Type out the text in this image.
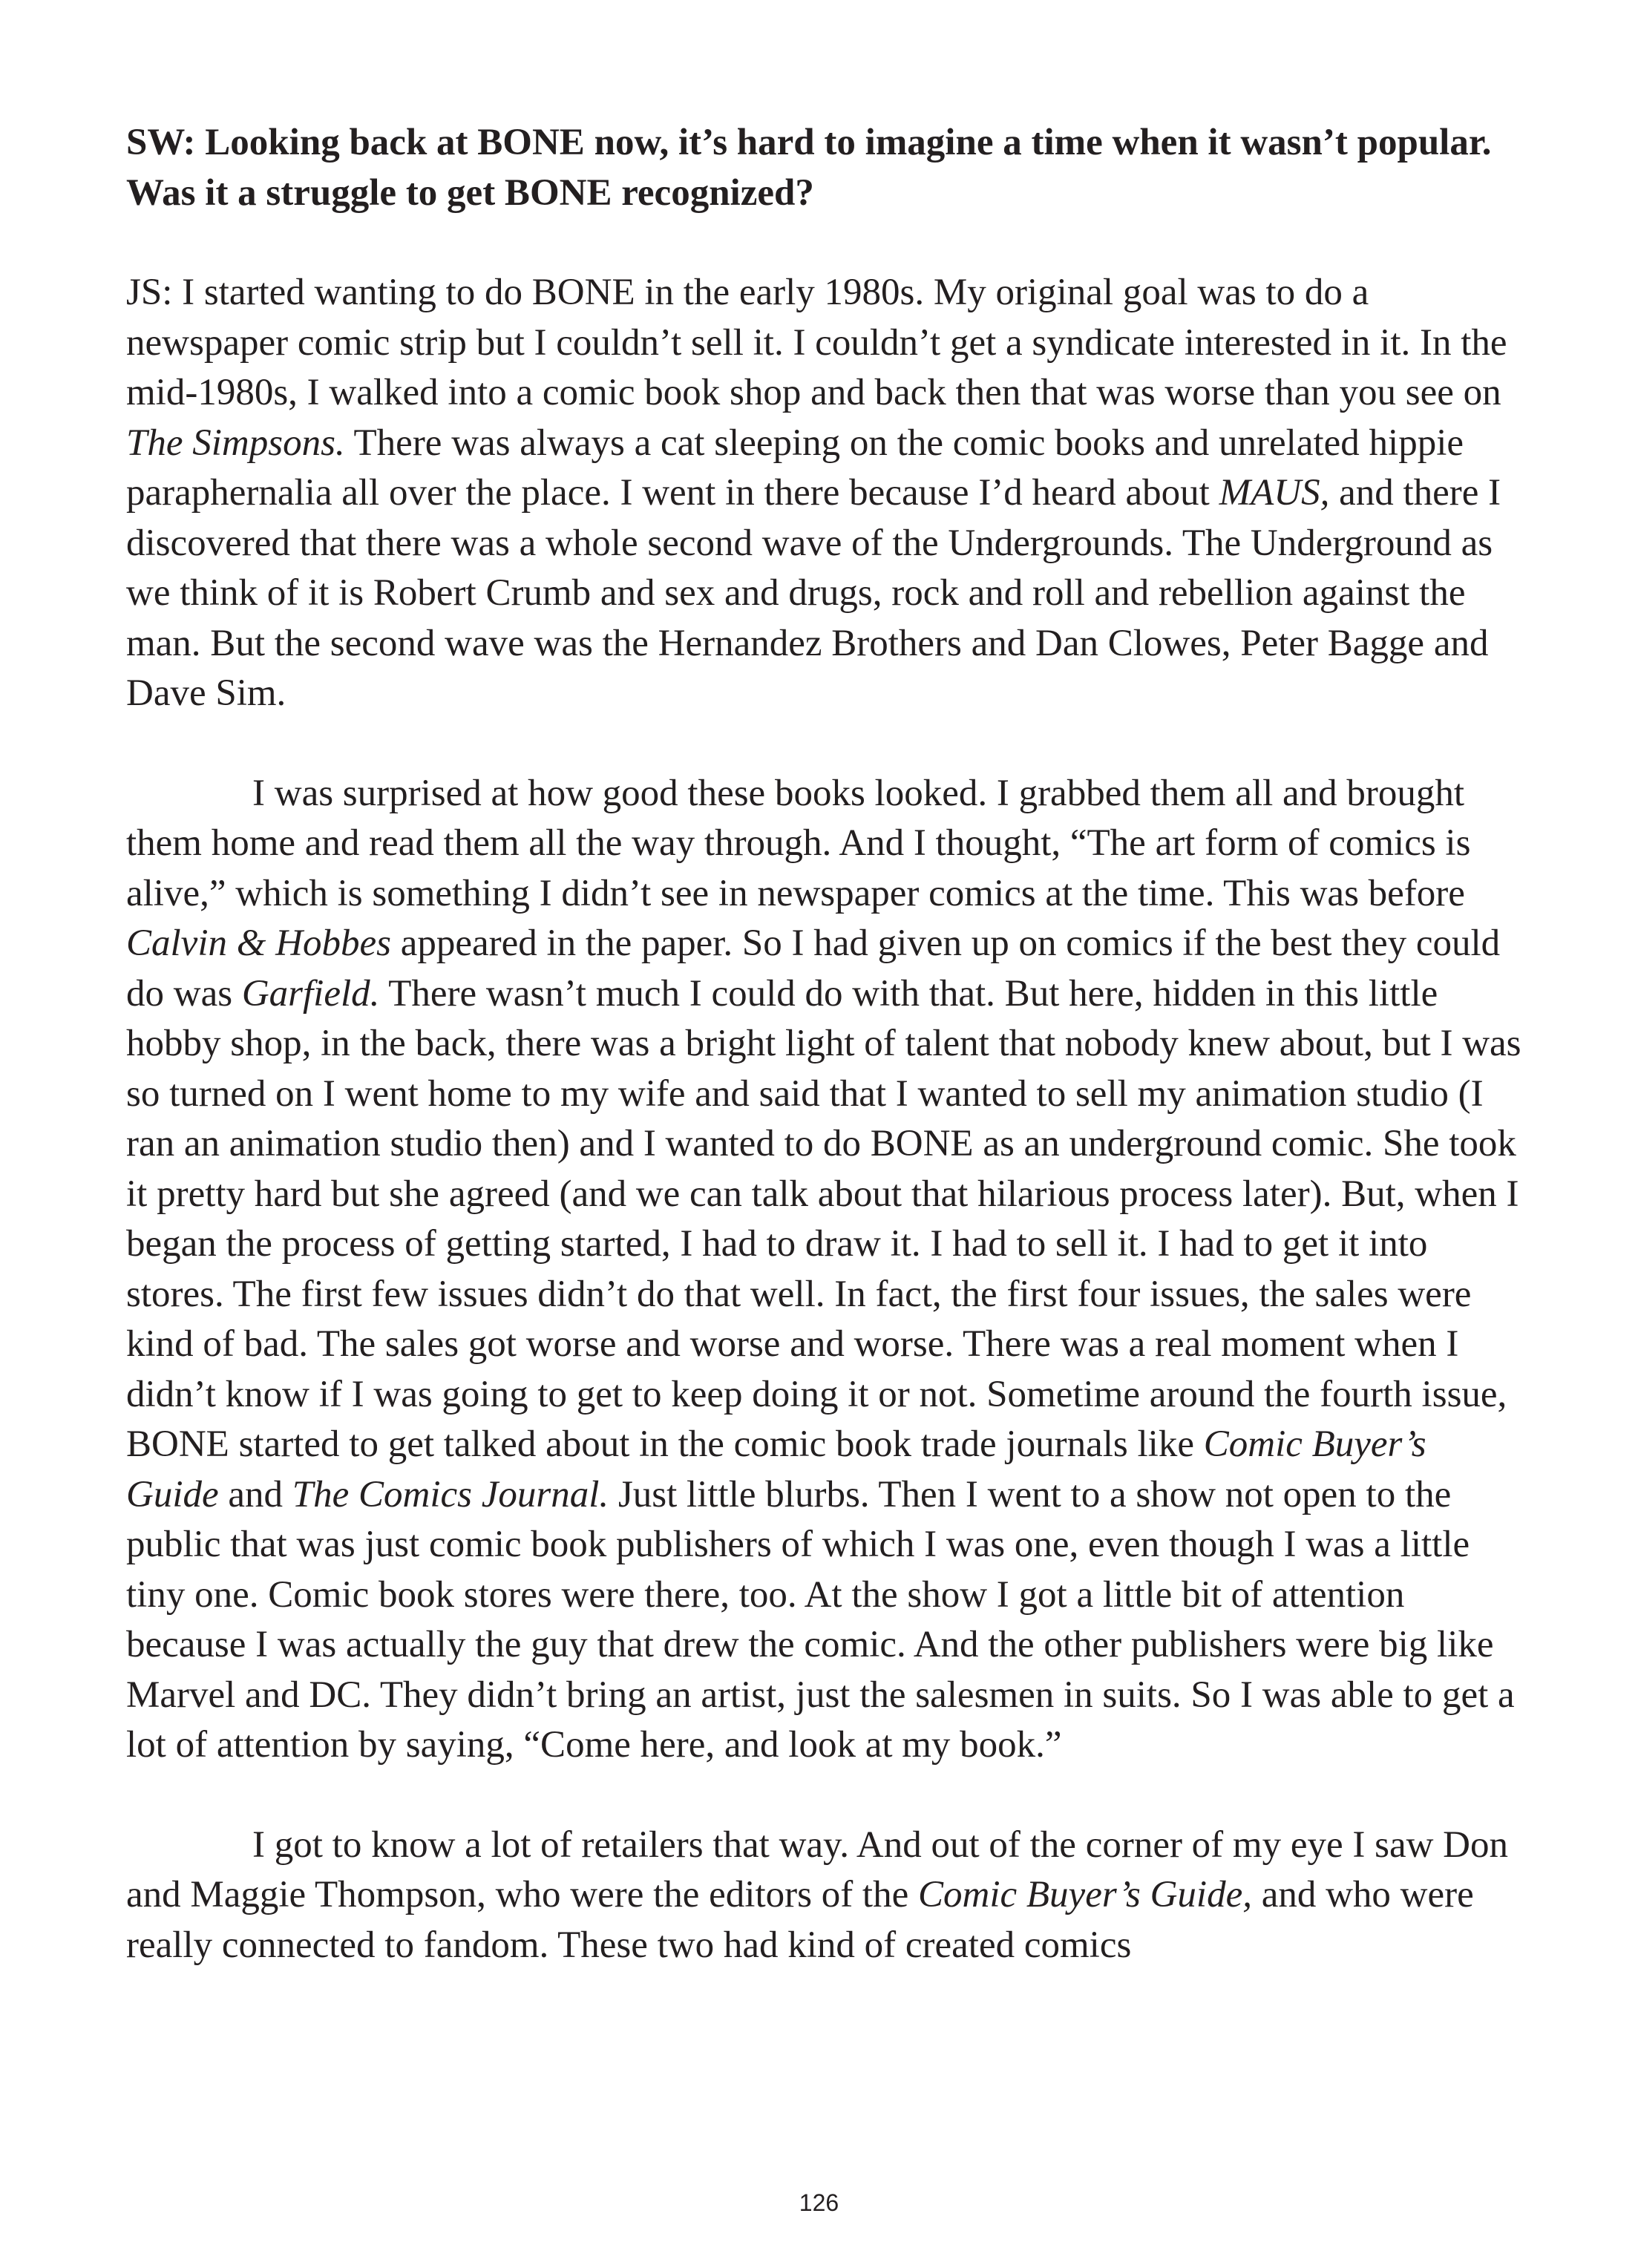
SW: Looking back at BONE now, it’s hard to imagine a time when it wasn’t popular. Was it a struggle to get BONE recognized?

JS: I started wanting to do BONE in the early 1980s. My original goal was to do a newspaper comic strip but I couldn’t sell it. I couldn’t get a syndicate interested in it. In the mid-1980s, I walked into a comic book shop and back then that was worse than you see on The Simpsons. There was always a cat sleeping on the comic books and unrelated hippie paraphernalia all over the place. I went in there because I’d heard about MAUS, and there I discovered that there was a whole second wave of the Undergrounds. The Underground as we think of it is Robert Crumb and sex and drugs, rock and roll and rebellion against the man. But the second wave was the Hernandez Brothers and Dan Clowes, Peter Bagge and Dave Sim.

I was surprised at how good these books looked. I grabbed them all and brought them home and read them all the way through. And I thought, “The art form of comics is alive,” which is something I didn’t see in newspaper comics at the time. This was before Calvin & Hobbes appeared in the paper. So I had given up on comics if the best they could do was Garfield. There wasn’t much I could do with that. But here, hidden in this little hobby shop, in the back, there was a bright light of talent that nobody knew about, but I was so turned on I went home to my wife and said that I wanted to sell my animation studio (I ran an animation studio then) and I wanted to do BONE as an underground comic. She took it pretty hard but she agreed (and we can talk about that hilarious process later). But, when I began the process of getting started, I had to draw it. I had to sell it. I had to get it into stores. The first few issues didn’t do that well. In fact, the first four issues, the sales were kind of bad. The sales got worse and worse and worse. There was a real moment when I didn’t know if I was going to get to keep doing it or not. Sometime around the fourth issue, BONE started to get talked about in the comic book trade journals like Comic Buyer’s Guide and The Comics Journal. Just little blurbs. Then I went to a show not open to the public that was just comic book publishers of which I was one, even though I was a little tiny one. Comic book stores were there, too. At the show I got a little bit of attention because I was actually the guy that drew the comic. And the other publishers were big like Marvel and DC. They didn’t bring an artist, just the salesmen in suits. So I was able to get a lot of attention by saying, “Come here, and look at my book.”

I got to know a lot of retailers that way. And out of the corner of my eye I saw Don and Maggie Thompson, who were the editors of the Comic Buyer’s Guide, and who were really connected to fandom. These two had kind of created comics

126
